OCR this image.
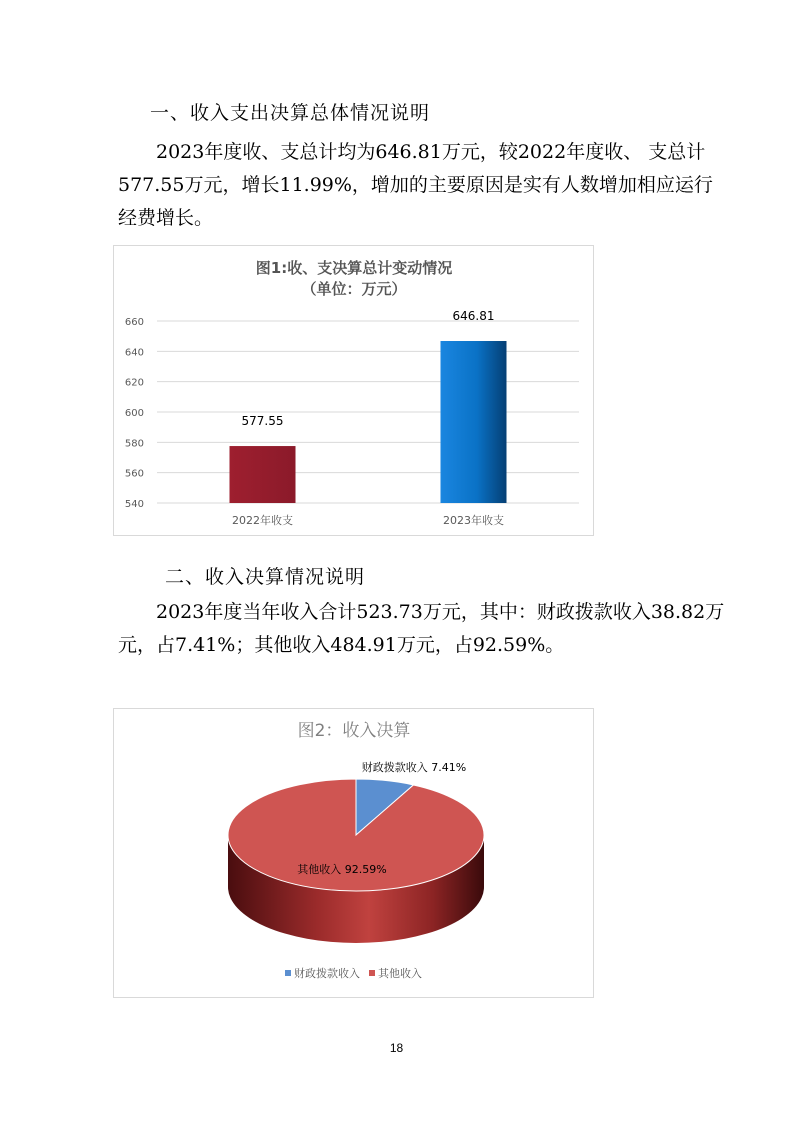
一、收入支出决算总体情况说明
2023年度收、支总计均为646.81万元，较2022年度收、 支总计577.55万元，增长11.99%，增加的主要原因是实有人数增加相应运行经费增长。
图1:收、支决算总计变动情况
（单位：万元）
540
560
580
600
620
640
660
577.55
2022年收支
646.81
2023年收支
二、收入决算情况说明
2023年度当年收入合计523.73万元，其中：财政拨款收入38.82万元，占7.41%；其他收入484.91万元，占92.59%。
图2：收入决算
财政拨款收入 7.41%
其他收入 92.59%
财政拨款收入 其他收入
18
